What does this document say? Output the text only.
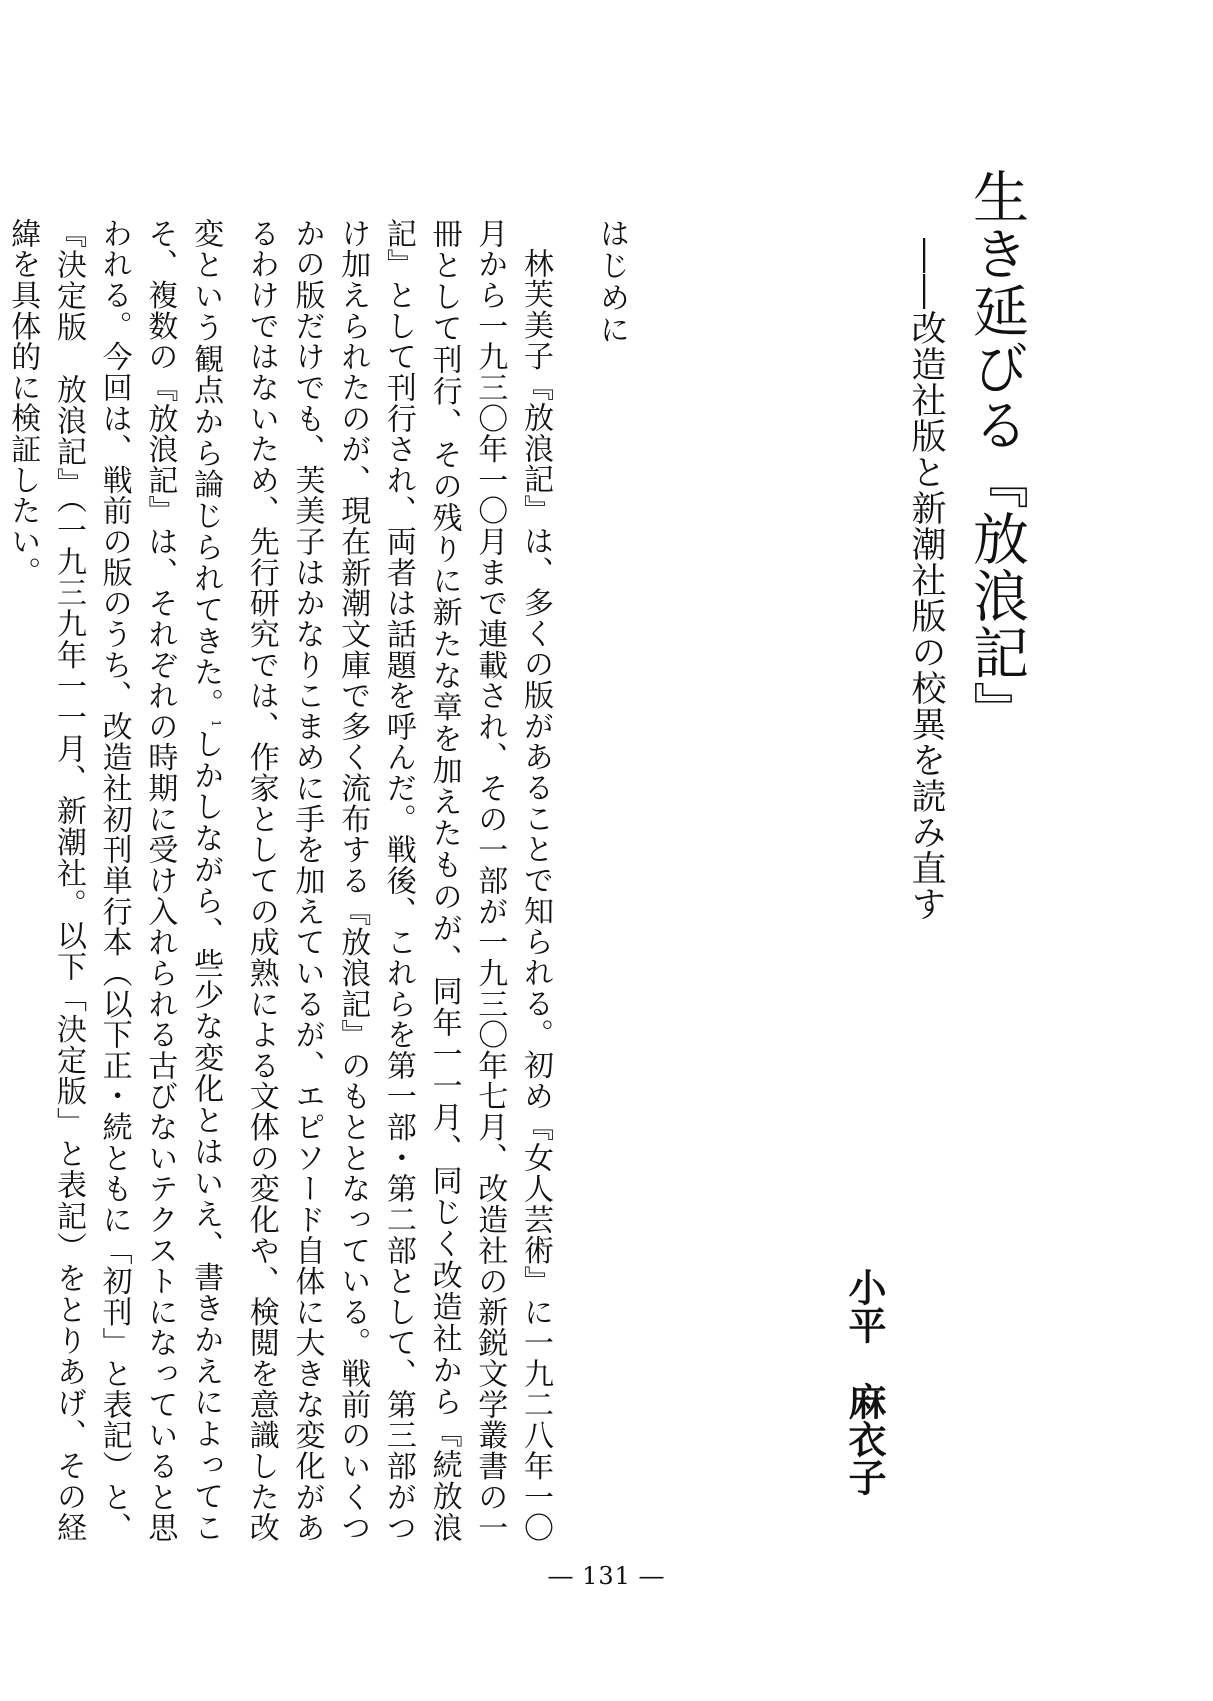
生き延びる『放浪記』
――改造社版と新潮社版の校異を読み直す
小平　麻衣子
はじめに

林芙美子『放浪記』は、多くの版があることで知られる。初め『女人芸術』に一九二八年一〇月から一九三〇年一〇月まで連載され、その一部が一九三〇年七月、改造社の新鋭文学叢書の一冊として刊行、その残りに新たな章を加えたものが、同年一一月、同じく改造社から『続放浪記』として刊行され、両者は話題を呼んだ。戦後、これらを第一部・第二部として、第三部がつけ加えられたのが、現在新潮文庫で多く流布する『放浪記』のもととなっている。戦前のいくつかの版だけでも、芙美子はかなりこまめに手を加えているが、エピソード自体に大きな変化があるわけではないため、先行研究では、作家としての成熟による文体の変化や、検閲を意識した改変という観点から論じられてきた。$^1$しかしながら、些少な変化とはいえ、書きかえによってこそ、複数の『放浪記』は、それぞれの時期に受け入れられる古びないテクストになっていると思われる。今回は、戦前の版のうち、改造社初刊単行本（以下正・続ともに「初刊」と表記）と、『決定版　放浪記』（一九三九年一一月、新潮社。以下「決定版」と表記）をとりあげ、その経緯を具体的に検証したい。

― 131 ―
